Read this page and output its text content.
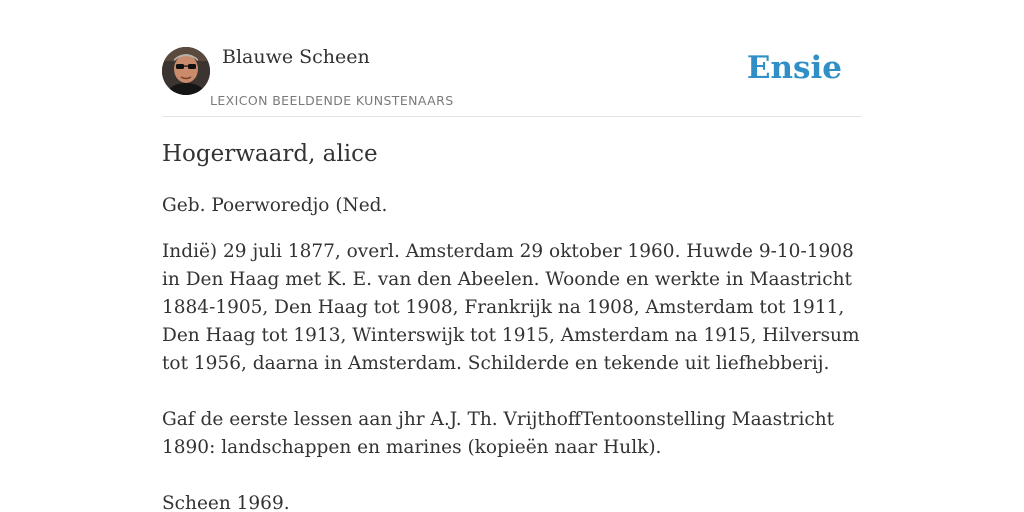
Blauwe Scheen
LEXICON BEELDENDE KUNSTENAARS
Ensie
Hogerwaard, alice

Geb. Poerworedjo (Ned.

Indië) 29 juli 1877, overl. Amsterdam 29 oktober 1960. Huwde 9-10-1908 in Den Haag met K. E. van den Abeelen. Woonde en werkte in Maastricht 1884-1905, Den Haag tot 1908, Frankrijk na 1908, Amsterdam tot 1911, Den Haag tot 1913, Winterswijk tot 1915, Amsterdam na 1915, Hilversum tot 1956, daarna in Amsterdam. Schilderde en tekende uit liefhebberij.

Gaf de eerste lessen aan jhr A.J. Th. VrijthoffTentoonstelling Maastricht 1890: landschappen en marines (kopieën naar Hulk).

Scheen 1969.
